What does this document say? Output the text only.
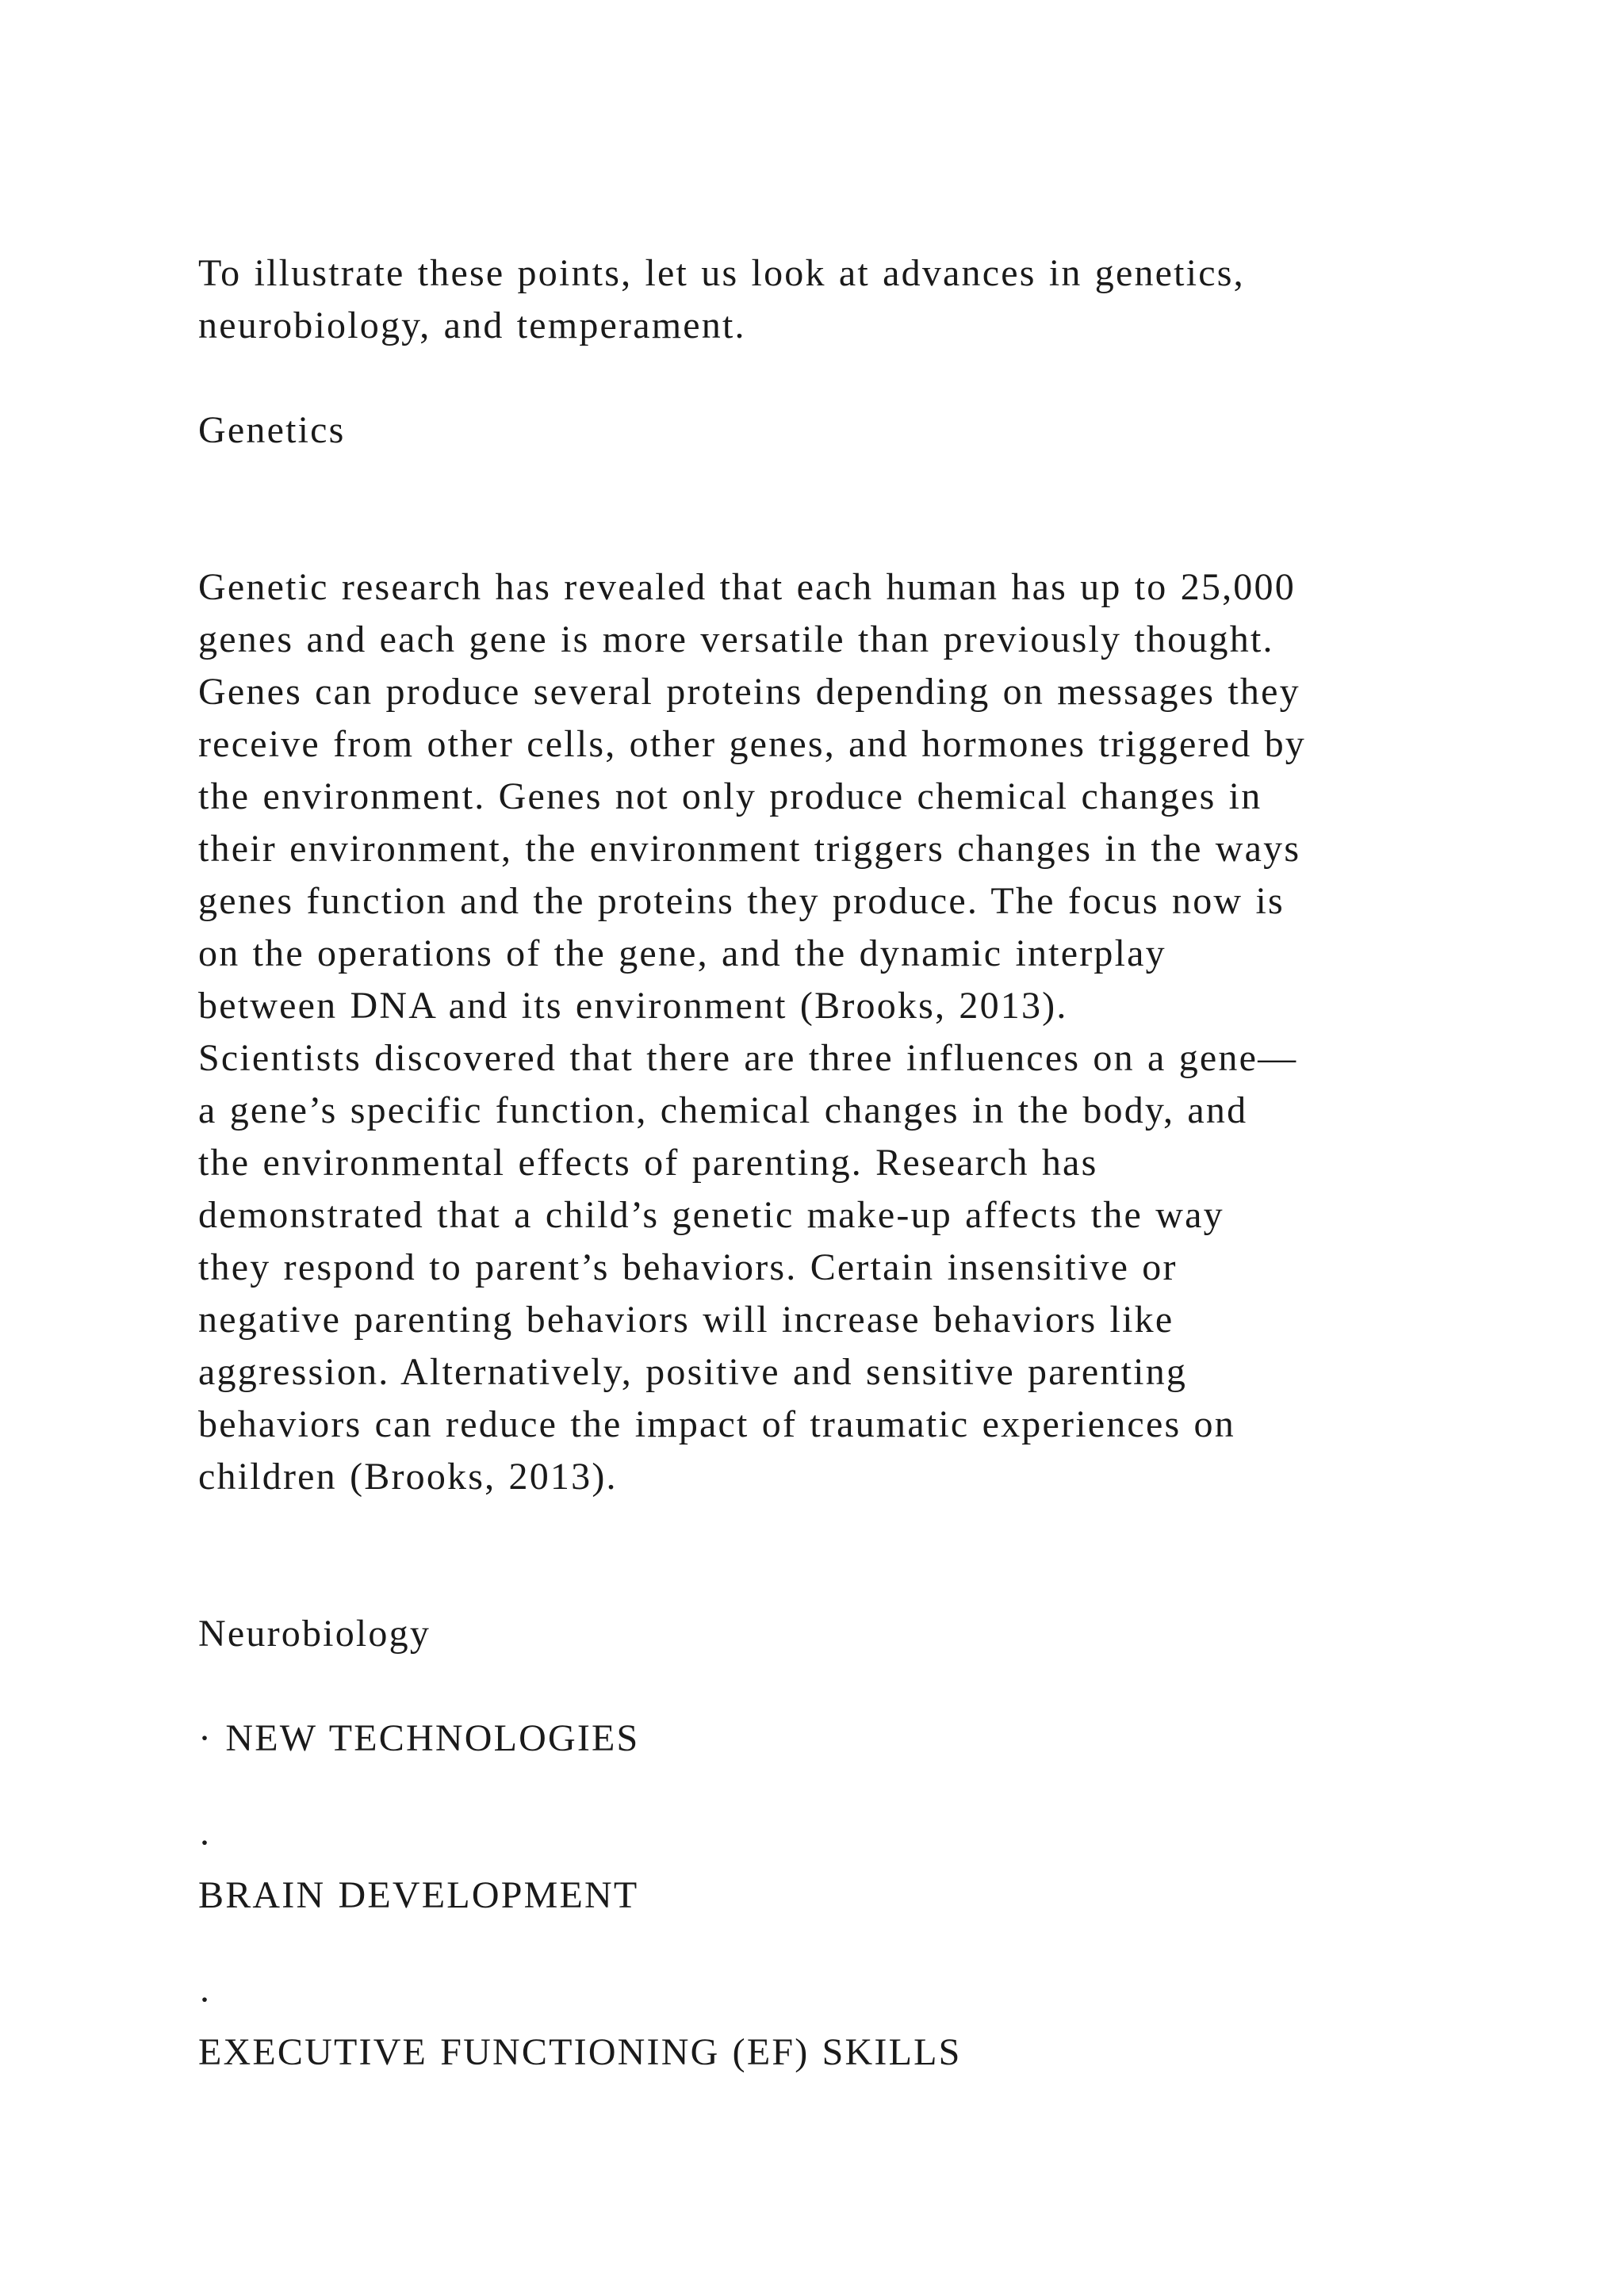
To illustrate these points, let us look at advances in genetics,
neurobiology, and temperament.

Genetics

Genetic research has revealed that each human has up to 25,000
genes and each gene is more versatile than previously thought.
Genes can produce several proteins depending on messages they
receive from other cells, other genes, and hormones triggered by
the environment. Genes not only produce chemical changes in
their environment, the environment triggers changes in the ways
genes function and the proteins they produce. The focus now is
on the operations of the gene, and the dynamic interplay
between DNA and its environment (Brooks, 2013).

Scientists discovered that there are three influences on a gene—
a gene’s specific function, chemical changes in the body, and
the environmental effects of parenting. Research has
demonstrated that a child’s genetic make-up affects the way
they respond to parent’s behaviors. Certain insensitive or
negative parenting behaviors will increase behaviors like
aggression. Alternatively, positive and sensitive parenting
behaviors can reduce the impact of traumatic experiences on
children (Brooks, 2013).

Neurobiology

· NEW TECHNOLOGIES

·

BRAIN DEVELOPMENT

·

EXECUTIVE FUNCTIONING (EF) SKILLS
